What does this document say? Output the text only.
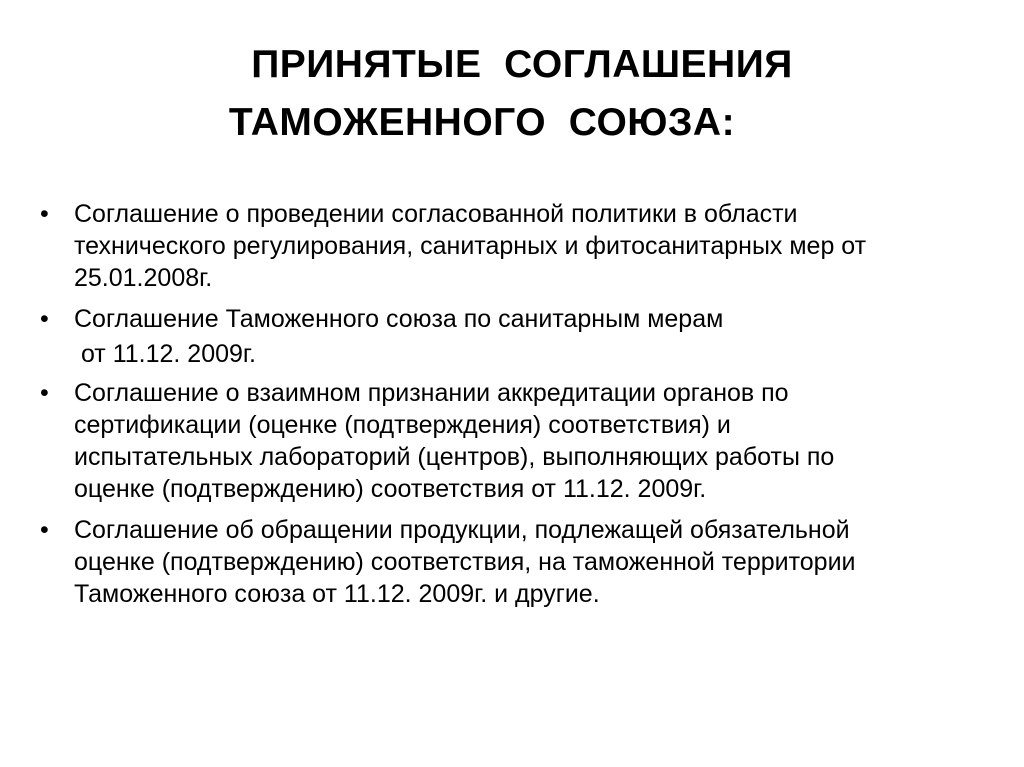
ПРИНЯТЫЕ  СОГЛАШЕНИЯ
ТАМОЖЕННОГО  СОЮЗА:
•	Соглашение о проведении согласованной политики в области
технического регулирования, санитарных и фитосанитарных мер от
25.01.2008г.
•	Соглашение Таможенного союза по санитарным мерам
от 11.12. 2009г.
•	Соглашение о взаимном признании аккредитации органов по
сертификации (оценке (подтверждения) соответствия) и
испытательных лабораторий (центров), выполняющих работы по
оценке (подтверждению) соответствия от 11.12. 2009г.
•	Соглашение об обращении продукции, подлежащей обязательной
оценке (подтверждению) соответствия, на таможенной территории
Таможенного союза от 11.12. 2009г. и другие.
